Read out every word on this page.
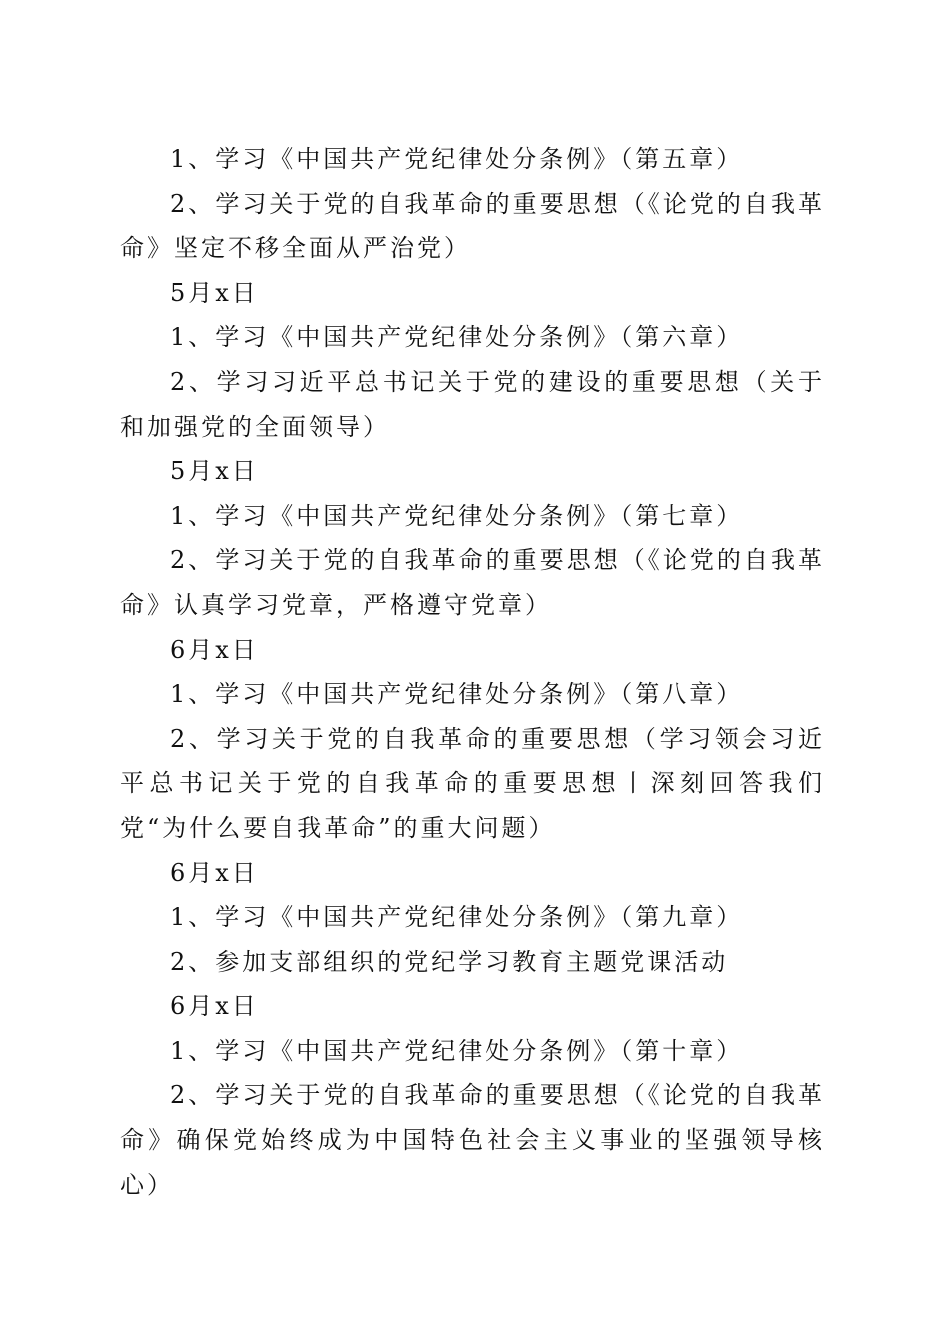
1、学习《中国共产党纪律处分条例》（第五章）

2、学习关于党的自我革命的重要思想（《论党的自我革命》坚定不移全面从严治党）

5月x日

1、学习《中国共产党纪律处分条例》（第六章）

2、学习习近平总书记关于党的建设的重要思想（关于和加强党的全面领导）

5月x日

1、学习《中国共产党纪律处分条例》（第七章）

2、学习关于党的自我革命的重要思想（《论党的自我革命》认真学习党章，严格遵守党章）

6月x日

1、学习《中国共产党纪律处分条例》（第八章）

2、学习关于党的自我革命的重要思想（学习领会习近平总书记关于党的自我革命的重要思想丨深刻回答我们党“为什么要自我革命”的重大问题）

6月x日

1、学习《中国共产党纪律处分条例》（第九章）

2、参加支部组织的党纪学习教育主题党课活动

6月x日

1、学习《中国共产党纪律处分条例》（第十章）

2、学习关于党的自我革命的重要思想（《论党的自我革命》确保党始终成为中国特色社会主义事业的坚强领导核心）
